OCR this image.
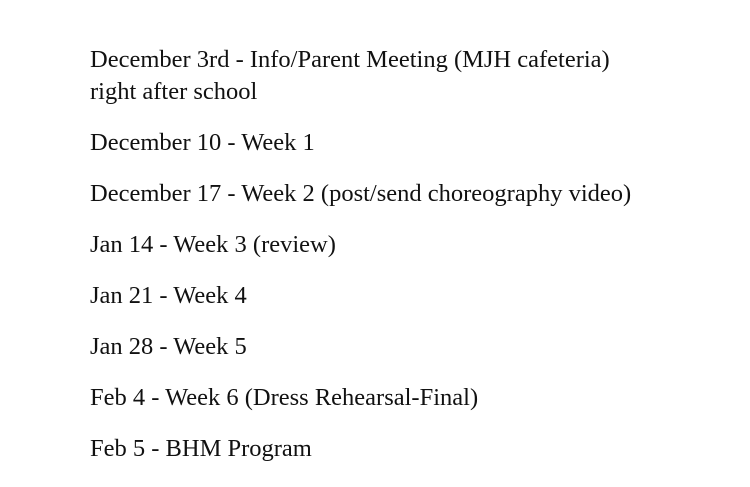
December 3rd - Info/Parent Meeting (MJH cafeteria)
right after school

December 10 - Week 1

December 17 - Week 2 (post/send choreography video)

Jan 14 - Week 3 (review)

Jan 21 - Week 4

Jan 28 - Week 5

Feb 4 - Week 6 (Dress Rehearsal-Final)

Feb 5 - BHM Program
